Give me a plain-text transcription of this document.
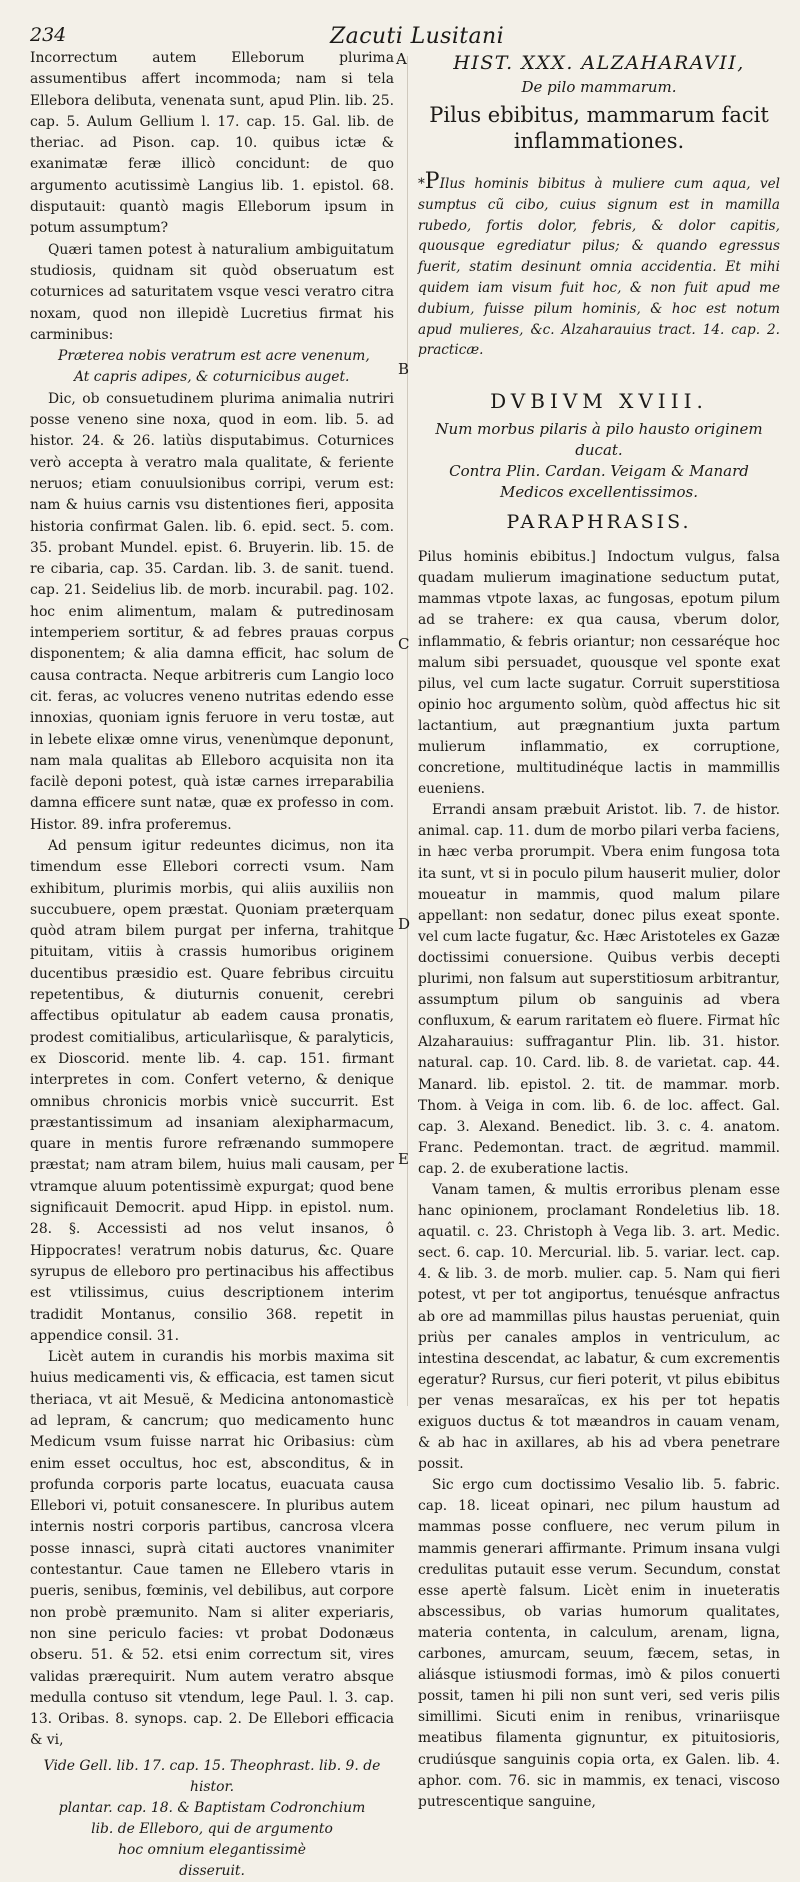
234	Zacuti Lusitani

Incorrectum autem Elleborum plurima assumentibus affert incommoda; nam si tela Ellebora delibuta, venenata sunt, apud Plin. lib. 25. cap. 5. Aulum Gellium l. 17. cap. 15. Gal. lib. de theriac. ad Pison. cap. 10. quibus ictæ & exanimatæ feræ illicò concidunt: de quo argumento acutissimè Langius lib. 1. epistol. 68. disputauit: quantò magis Elleborum ipsum in potum assumptum?

Quæri tamen potest à naturalium ambiguitatum studiosis, quidnam sit quòd obseruatum est coturnices ad saturitatem vsque vesci veratro citra noxam, quod non illepidè Lucretius firmat his carminibus:

Præterea nobis veratrum est acre venenum,

At capris adipes, & coturnicibus auget.

Dic, ob consuetudinem plurima animalia nutriri posse veneno sine noxa, quod in eom. lib. 5. ad histor. 24. & 26. latiùs disputabimus. Coturnices verò accepta à veratro mala qualitate, & feriente neruos; etiam conuulsionibus corripi, verum est: nam & huius carnis vsu distentiones fieri, apposita historia confirmat Galen. lib. 6. epid. sect. 5. com. 35. probant Mundel. epist. 6. Bruyerin. lib. 15. de re cibaria, cap. 35. Cardan. lib. 3. de sanit. tuend. cap. 21. Seidelius lib. de morb. incurabil. pag. 102. hoc enim alimentum, malam & putredinosam intemperiem sortitur, & ad febres prauas corpus disponentem; & alia damna efficit, hac solum de causa contracta. Neque arbitreris cum Langio loco cit. feras, ac volucres veneno nutritas edendo esse innoxias, quoniam ignis feruore in veru tostæ, aut in lebete elixæ omne virus, venenùmque deponunt, nam mala qualitas ab Elleboro acquisita non ita facilè deponi potest, quà istæ carnes irreparabilia damna efficere sunt natæ, quæ ex professo in com. Histor. 89. infra proferemus.

Ad pensum igitur redeuntes dicimus, non ita timendum esse Ellebori correcti vsum. Nam exhibitum, plurimis morbis, qui aliis auxiliis non succubuere, opem præstat. Quoniam præterquam quòd atram bilem purgat per inferna, trahitque pituitam, vitiis à crassis humoribus originem ducentibus præsidio est. Quare febribus circuitu repetentibus, & diuturnis conuenit, cerebri affectibus opitulatur ab eadem causa pronatis, prodest comitialibus, articularìisque, & paralyticis, ex Dioscorid. mente lib. 4. cap. 151. firmant interpretes in com. Confert veterno, & denique omnibus chronicis morbis vnicè succurrit. Est præstantissimum ad insaniam alexipharmacum, quare in mentis furore refrænando summopere præstat; nam atram bilem, huius mali causam, per vtramque aluum potentissimè expurgat; quod bene significauit Democrit. apud Hipp. in epistol. num. 28. §. Accessisti ad nos velut insanos, ô Hippocrates! veratrum nobis daturus, &c. Quare syrupus de elleboro pro pertinacibus his affectibus est vtilissimus, cuius descriptionem interim tradidit Montanus, consilio 368. repetit in appendice consil. 31.

Licèt autem in curandis his morbis maxima sit huius medicamenti vis, & efficacia, est tamen sicut theriaca, vt ait Mesuë, & Medicina antonomasticè ad lepram, & cancrum; quo medicamento hunc Medicum vsum fuisse narrat hic Oribasius: cùm enim esset occultus, hoc est, absconditus, & in profunda corporis parte locatus, euacuata causa Ellebori vi, potuit consanescere. In pluribus autem internis nostri corporis partibus, cancrosa vlcera posse innasci, suprà citati auctores vnanimiter contestantur. Caue tamen ne Ellebero vtaris in pueris, senibus, fœminis, vel debilibus, aut corpore non probè præmunito. Nam si aliter experiaris, non sine periculo facies: vt probat Dodonæus obseru. 51. & 52. etsi enim correctum sit, vires validas prærequirit. Num autem veratro absque medulla contuso sit vtendum, lege Paul. l. 3. cap. 13. Oribas. 8. synops. cap. 2. De Ellebori efficacia & vi,

Vide Gell. lib. 17. cap. 15. Theophrast. lib. 9. de histor.
plantar. cap. 18. & Baptistam Codronchium
lib. de Elleboro, qui de argumento
hoc omnium elegantissimè
disseruit.
A
B
C
D
E
HIST. XXX. ALZAHARAVII,
De pilo mammarum.
Pilus ebibitus, mammarum facit inflammationes.

*PIlus hominis bibitus à muliere cum aqua, vel sumptus cũ cibo, cuius signum est in mamilla rubedo, fortis dolor, febris, & dolor capitis, quousque egrediatur pilus; & quando egressus fuerit, statim desinunt omnia accidentia. Et mihi quidem iam visum fuit hoc, & non fuit apud me dubium, fuisse pilum hominis, & hoc est notum apud mulieres, &c. Alzaharauius tract. 14. cap. 2. practicæ.

DVBIVM XVIII.
Num morbus pilaris à pilo hausto originem ducat.
Contra Plin. Cardan. Veigam & Manard
Medicos excellentissimos.
PARAPHRASIS.

Pilus hominis ebibitus.] Indoctum vulgus, falsa quadam mulierum imaginatione seductum putat, mammas vtpote laxas, ac fungosas, epotum pilum ad se trahere: ex qua causa, vberum dolor, inflammatio, & febris oriantur; non cessaréque hoc malum sibi persuadet, quousque vel sponte exat pilus, vel cum lacte sugatur. Corruit superstitiosa opinio hoc argumento solùm, quòd affectus hic sit lactantium, aut prægnantium juxta partum mulierum inflammatio, ex corruptione, concretione, multitudinéque lactis in mammillis eueniens.

Errandi ansam præbuit Aristot. lib. 7. de histor. animal. cap. 11. dum de morbo pilari verba faciens, in hæc verba prorumpit. Vbera enim fungosa tota ita sunt, vt si in poculo pilum hauserit mulier, dolor moueatur in mammis, quod malum pilare appellant: non sedatur, donec pilus exeat sponte. vel cum lacte fugatur, &c. Hæc Aristoteles ex Gazæ doctissimi conuersione. Quibus verbis decepti plurimi, non falsum aut superstitiosum arbitrantur, assumptum pilum ob sanguinis ad vbera confluxum, & earum raritatem eò fluere. Firmat hîc Alzaharauius: suffragantur Plin. lib. 31. histor. natural. cap. 10. Card. lib. 8. de varietat. cap. 44. Manard. lib. epistol. 2. tit. de mammar. morb. Thom. à Veiga in com. lib. 6. de loc. affect. Gal. cap. 3. Alexand. Benedict. lib. 3. c. 4. anatom. Franc. Pedemontan. tract. de ægritud. mammil. cap. 2. de exuberatione lactis.

Vanam tamen, & multis erroribus plenam esse hanc opinionem, proclamant Rondeletius lib. 18. aquatil. c. 23. Christoph à Vega lib. 3. art. Medic. sect. 6. cap. 10. Mercurial. lib. 5. variar. lect. cap. 4. & lib. 3. de morb. mulier. cap. 5. Nam qui fieri potest, vt per tot angiportus, tenuésque anfractus ab ore ad mammillas pilus haustas perueniat, quin priùs per canales amplos in ventriculum, ac intestina descendat, ac labatur, & cum excrementis egeratur? Rursus, cur fieri poterit, vt pilus ebibitus per venas mesaraïcas, ex his per tot hepatis exiguos ductus & tot mæandros in cauam venam, & ab hac in axillares, ab his ad vbera penetrare possit.

Sic ergo cum doctissimo Vesalio lib. 5. fabric. cap. 18. liceat opinari, nec pilum haustum ad mammas posse confluere, nec verum pilum in mammis generari affirmante. Primum insana vulgi credulitas putauit esse verum. Secundum, constat esse apertè falsum. Licèt enim in inueteratis abscessibus, ob varias humorum qualitates, materia contenta, in calculum, arenam, ligna, carbones, amurcam, seuum, fæcem, setas, in aliásque istiusmodi formas, imò & pilos conuerti possit, tamen hi pili non sunt veri, sed veris pilis simillimi. Sicuti enim in renibus, vrinariisque meatibus filamenta gignuntur, ex pituitosioris, crudiúsque sanguinis copia orta, ex Galen. lib. 4. aphor. com. 76. sic in mammis, ex tenaci, viscoso putrescentique sanguine,
